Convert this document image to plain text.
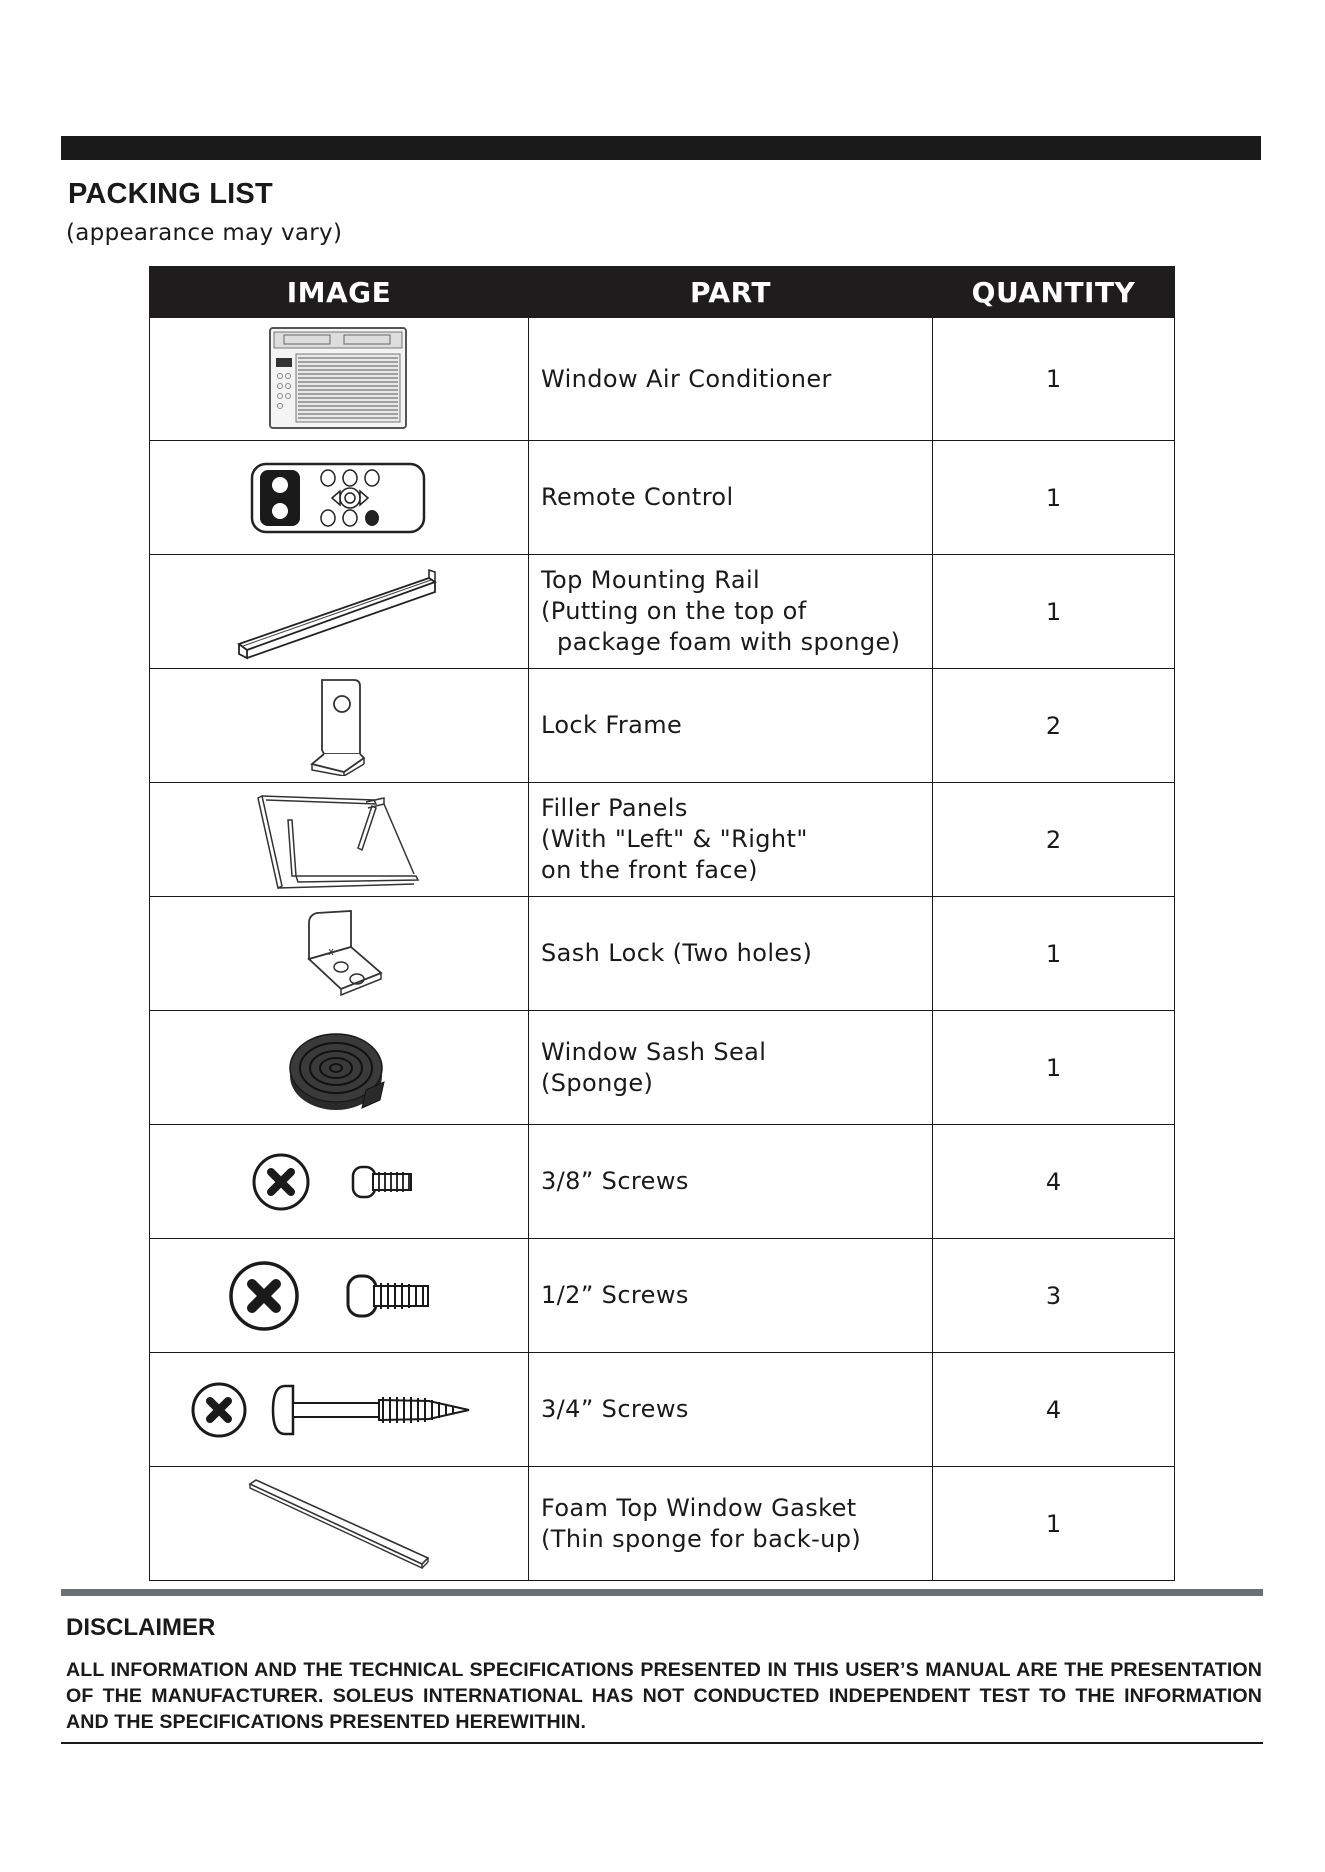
PACKING LIST
(appearance may vary)
IMAGE	PART	QUANTITY

Window Air Conditioner	1

Remote Control	1

Top Mounting Rail
(Putting on the top of
package foam with sponge)	1

Lock Frame	2

Filler Panels
(With "Left" & "Right"
on the front face)	2

Sash Lock (Two holes)	1

Window Sash Seal
(Sponge)	1

3/8” Screws	4

1/2” Screws	3

3/4” Screws	4

Foam Top Window Gasket
(Thin sponge for back-up)	1
DISCLAIMER

ALL INFORMATION AND THE TECHNICAL SPECIFICATIONS PRESENTED IN THIS USER’S MANUAL ARE THE PRESENTATION OF THE MANUFACTURER. SOLEUS INTERNATIONAL HAS NOT CONDUCTED INDEPENDENT TEST TO THE INFORMATION AND THE SPECIFICATIONS PRESENTED HEREWITHIN.
